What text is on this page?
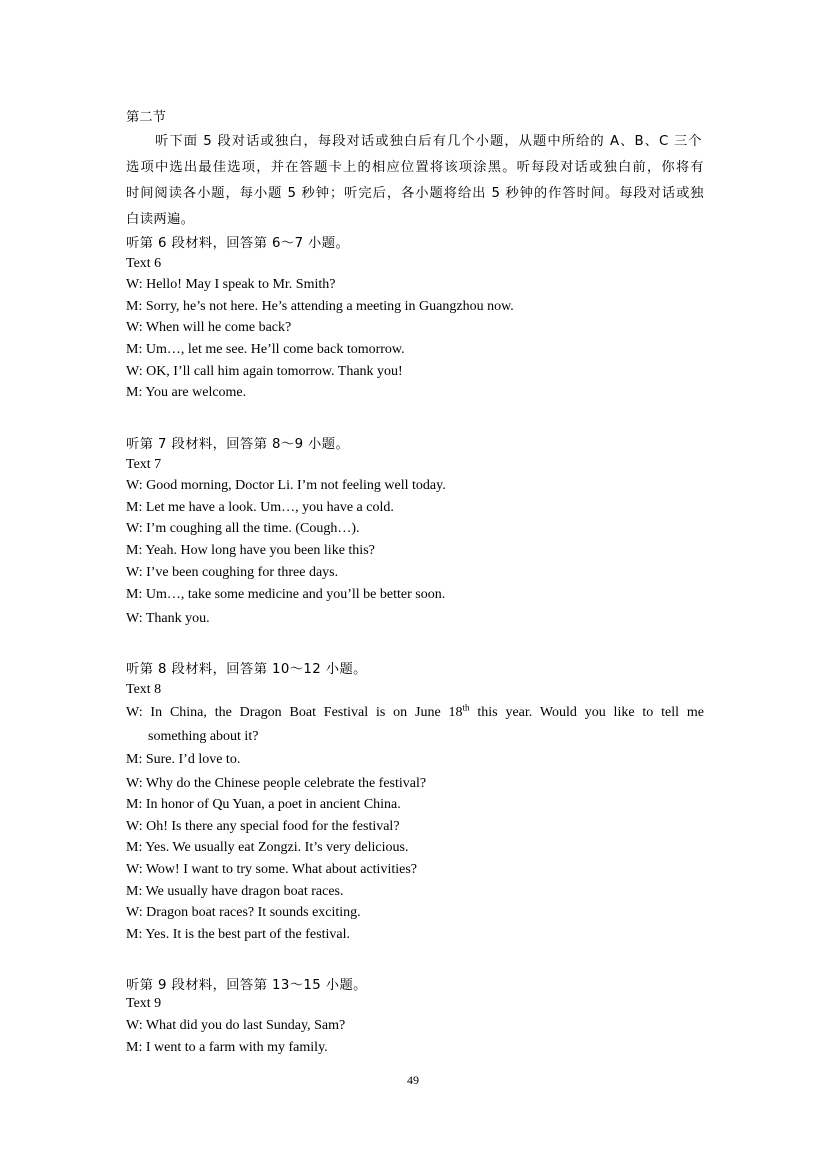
第二节
听下面 5 段对话或独白，每段对话或独白后有几个小题，从题中所给的 A、B、C 三个
选项中选出最佳选项，并在答题卡上的相应位置将该项涂黑。听每段对话或独白前，你将有
时间阅读各小题，每小题 5 秒钟；听完后，各小题将给出 5 秒钟的作答时间。每段对话或独
白读两遍。
听第 6 段材料，回答第 6～7 小题。
Text 6
W: Hello! May I speak to Mr. Smith?
M: Sorry, he’s not here. He’s attending a meeting in Guangzhou now.
W: When will he come back?
M: Um…, let me see. He’ll come back tomorrow.
W: OK, I’ll call him again tomorrow. Thank you!
M: You are welcome.
听第 7 段材料，回答第 8～9 小题。
Text 7
W: Good morning, Doctor Li. I’m not feeling well today.
M: Let me have a look. Um…, you have a cold.
W: I’m coughing all the time. (Cough…).
M: Yeah. How long have you been like this?
W: I’ve been coughing for three days.
M: Um…, take some medicine and you’ll be better soon.
W: Thank you.
听第 8 段材料，回答第 10～12 小题。
Text 8
W: In China, the Dragon Boat Festival is on June 18th this year. Would you like to tell me
something about it?
M: Sure. I’d love to.
W: Why do the Chinese people celebrate the festival?
M: In honor of Qu Yuan, a poet in ancient China.
W: Oh! Is there any special food for the festival?
M: Yes. We usually eat Zongzi. It’s very delicious.
W: Wow! I want to try some. What about activities?
M: We usually have dragon boat races.
W: Dragon boat races? It sounds exciting.
M: Yes. It is the best part of the festival.
听第 9 段材料，回答第 13～15 小题。
Text 9
W: What did you do last Sunday, Sam?
M: I went to a farm with my family.
49
